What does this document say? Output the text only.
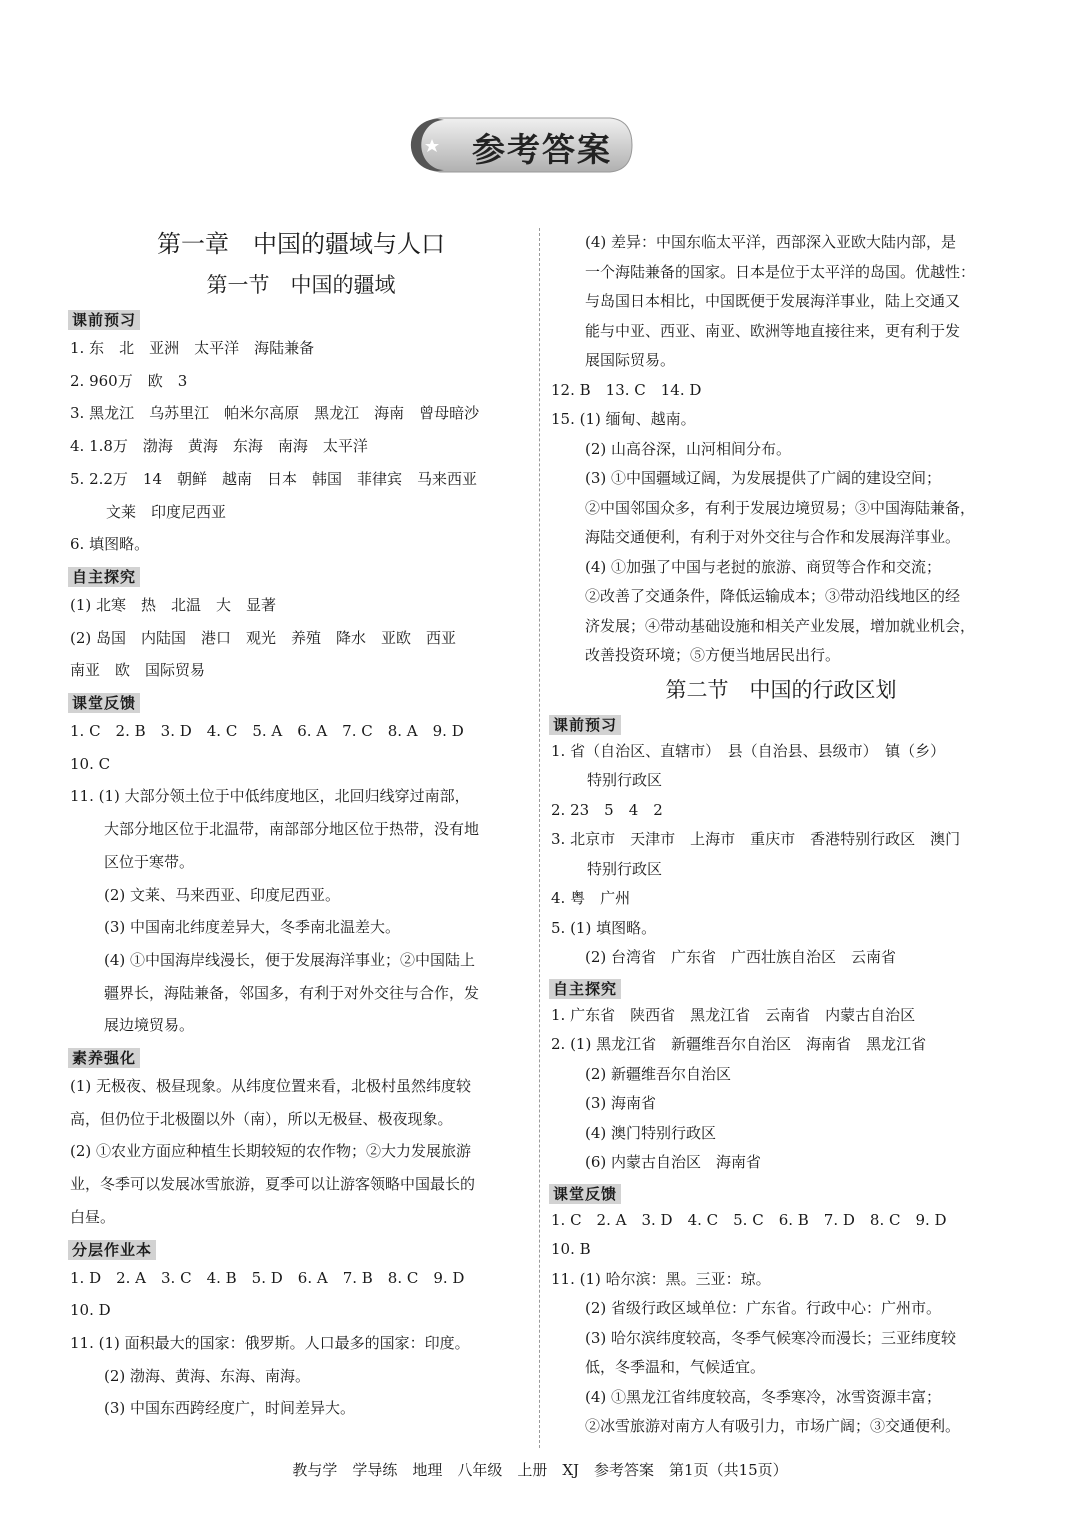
参考答案
第一章　中国的疆域与人口
第一节　中国的疆域
课前预习
1. 东　北　亚洲　太平洋　海陆兼备
2. 960万　欧　3
3. 黑龙江　乌苏里江　帕米尔高原　黑龙江　海南　曾母暗沙
4. 1.8万　渤海　黄海　东海　南海　太平洋
5. 2.2万　14　朝鲜　越南　日本　韩国　菲律宾　马来西亚
文莱　印度尼西亚
6. 填图略。
自主探究
(1) 北寒　热　北温　大　显著
(2) 岛国　内陆国　港口　观光　养殖　降水　亚欧　西亚
南亚　欧　国际贸易
课堂反馈
1. C　2. B　3. D　4. C　5. A　6. A　7. C　8. A　9. D
10. C
11. (1) 大部分领土位于中低纬度地区，北回归线穿过南部，
大部分地区位于北温带，南部部分地区位于热带，没有地
区位于寒带。
(2) 文莱、马来西亚、印度尼西亚。
(3) 中国南北纬度差异大，冬季南北温差大。
(4) ①中国海岸线漫长，便于发展海洋事业；②中国陆上
疆界长，海陆兼备，邻国多，有利于对外交往与合作，发
展边境贸易。
素养强化
(1) 无极夜、极昼现象。从纬度位置来看，北极村虽然纬度较
高，但仍位于北极圈以外（南），所以无极昼、极夜现象。
(2) ①农业方面应种植生长期较短的农作物；②大力发展旅游
业，冬季可以发展冰雪旅游，夏季可以让游客领略中国最长的
白昼。
分层作业本
1. D　2. A　3. C　4. B　5. D　6. A　7. B　8. C　9. D
10. D
11. (1) 面积最大的国家：俄罗斯。人口最多的国家：印度。
(2) 渤海、黄海、东海、南海。
(3) 中国东西跨经度广，时间差异大。
(4) 差异：中国东临太平洋，西部深入亚欧大陆内部，是
一个海陆兼备的国家。日本是位于太平洋的岛国。优越性：
与岛国日本相比，中国既便于发展海洋事业，陆上交通又
能与中亚、西亚、南亚、欧洲等地直接往来，更有利于发
展国际贸易。
12. B　13. C　14. D
15. (1) 缅甸、越南。
(2) 山高谷深，山河相间分布。
(3) ①中国疆域辽阔，为发展提供了广阔的建设空间；
②中国邻国众多，有利于发展边境贸易；③中国海陆兼备，
海陆交通便利，有利于对外交往与合作和发展海洋事业。
(4) ①加强了中国与老挝的旅游、商贸等合作和交流；
②改善了交通条件，降低运输成本；③带动沿线地区的经
济发展；④带动基础设施和相关产业发展，增加就业机会，
改善投资环境；⑤方便当地居民出行。
第二节　中国的行政区划
课前预习
1. 省（自治区、直辖市）　县（自治县、县级市）　镇（乡）
特别行政区
2. 23　5　4　2
3. 北京市　天津市　上海市　重庆市　香港特别行政区　澳门
特别行政区
4. 粤　广州
5. (1) 填图略。
(2) 台湾省　广东省　广西壮族自治区　云南省
自主探究
1. 广东省　陕西省　黑龙江省　云南省　内蒙古自治区
2. (1) 黑龙江省　新疆维吾尔自治区　海南省　黑龙江省
(2) 新疆维吾尔自治区
(3) 海南省
(4) 澳门特别行政区
(6) 内蒙古自治区　海南省
课堂反馈
1. C　2. A　3. D　4. C　5. C　6. B　7. D　8. C　9. D
10. B
11. (1) 哈尔滨：黑。三亚：琼。
(2) 省级行政区域单位：广东省。行政中心：广州市。
(3) 哈尔滨纬度较高，冬季气候寒冷而漫长；三亚纬度较
低，冬季温和，气候适宜。
(4) ①黑龙江省纬度较高，冬季寒冷，冰雪资源丰富；
②冰雪旅游对南方人有吸引力，市场广阔；③交通便利。
教与学　学导练　地理　八年级　上册　XJ　参考答案　第1页（共15页）
